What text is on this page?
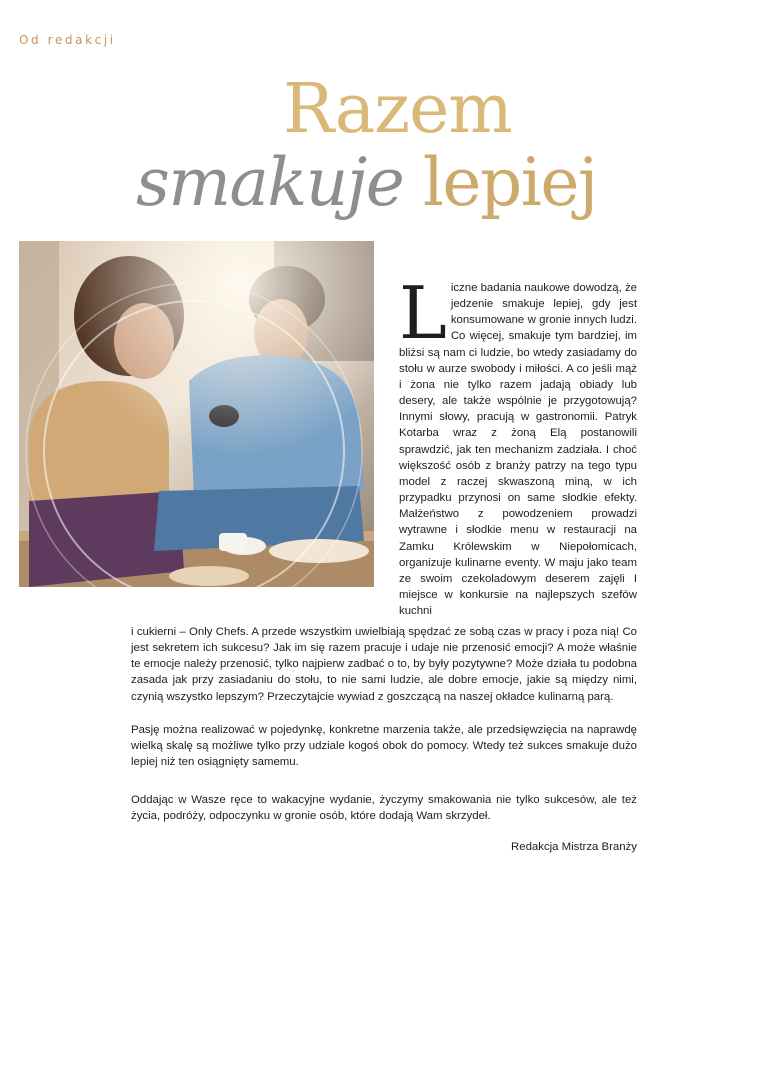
Od redakcji
Razem
smakuje lepiej
Liczne badania naukowe dowodzą, że jedzenie smakuje lepiej, gdy jest konsumowane w gronie innych ludzi. Co więcej, smakuje tym bardziej, im bliżsi są nam ci ludzie, bo wtedy zasiadamy do stołu w aurze swobody i miłości. A co jeśli mąż i żona nie tylko razem jadają obiady lub desery, ale także wspólnie je przygotowują? Innymi słowy, pracują w gastronomii. Patryk Kotarba wraz z żoną Elą postanowili sprawdzić, jak ten mechanizm zadziała. I choć większość osób z branży patrzy na tego typu model z raczej skwaszoną miną, w ich przypadku przynosi on same słodkie efekty. Małżeństwo z powodzeniem prowadzi wytrawne i słodkie menu w restauracji na Zamku Królewskim w Niepołomicach, organizuje kulinarne eventy. W maju jako team ze swoim czekoladowym deserem zajęli I miejsce w konkursie na najlepszych szefów kuchni

i cukierni – Only Chefs. A przede wszystkim uwielbiają spędzać ze sobą czas w pracy i poza nią! Co jest sekretem ich sukcesu? Jak im się razem pracuje i udaje nie przenosić emocji? A może właśnie te emocje należy przenosić, tylko najpierw zadbać o to, by były pozytywne? Może działa tu podobna zasada jak przy zasiadaniu do stołu, to nie sami ludzie, ale dobre emocje, jakie są między nimi, czynią wszystko lepszym? Przeczytajcie wywiad z goszczącą na naszej okładce kulinarną parą.

Pasję można realizować w pojedynkę, konkretne marzenia także, ale przedsięwzięcia na naprawdę wielką skalę są możliwe tylko przy udziale kogoś obok do pomocy. Wtedy też sukces smakuje dużo lepiej niż ten osiągnięty samemu.

Oddając w Wasze ręce to wakacyjne wydanie, życzymy smakowania nie tylko sukcesów, ale też życia, podróży, odpoczynku w gronie osób, które dodają Wam skrzydeł.

Redakcja Mistrza Branży
